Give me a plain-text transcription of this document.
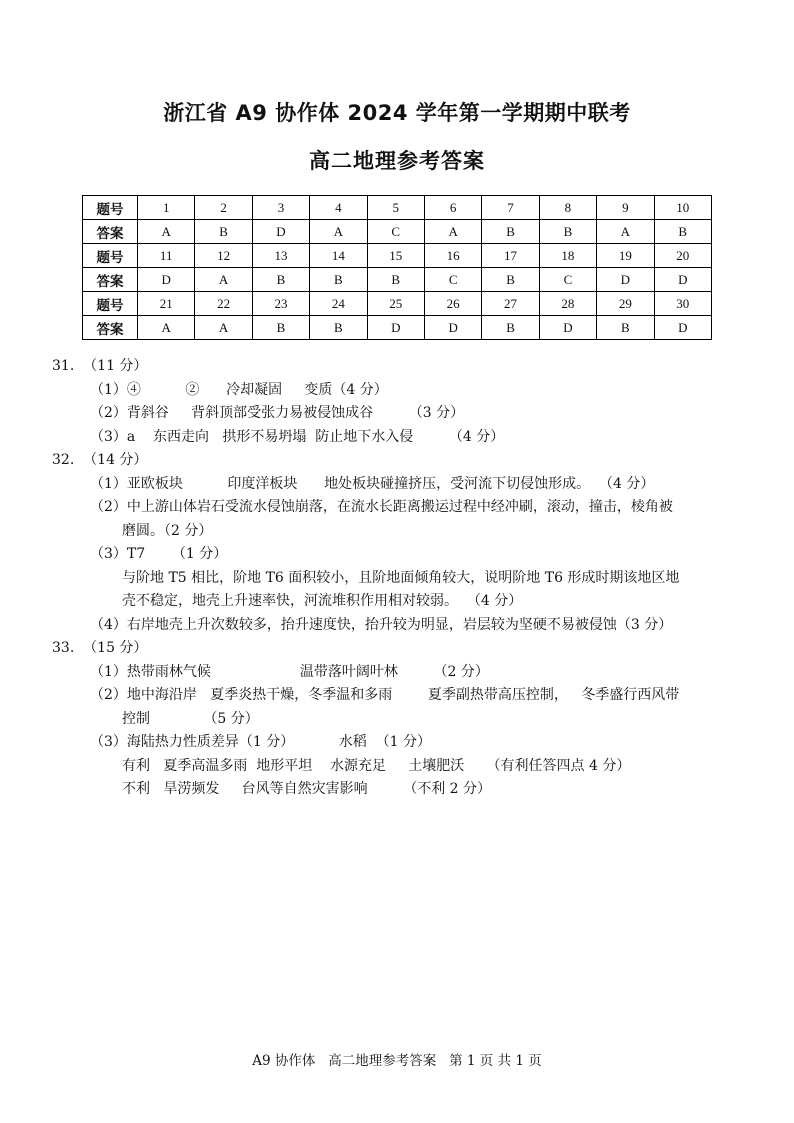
浙江省 A9 协作体 2024 学年第一学期期中联考
高二地理参考答案
题号	1	2	3	4	5	6	7	8	9	10
答案	A	B	D	A	C	A	B	B	A	B
题号	11	12	13	14	15	16	17	18	19	20
答案	D	A	B	B	B	C	B	C	D	D
题号	21	22	23	24	25	26	27	28	29	30
答案	A	A	B	B	D	D	B	D	B	D

31.  （11 分）

（1）④          ②      冷却凝固     变质（4 分）

（2）背斜谷     背斜顶部受张力易被侵蚀成谷        （3 分）

（3）a    东西走向   拱形不易坍塌  防止地下水入侵        （4 分）

32.  （14 分）

（1）亚欧板块          印度洋板块      地处板块碰撞挤压，受河流下切侵蚀形成。  （4 分）

（2）中上游山体岩石受流水侵蚀崩落，在流水长距离搬运过程中经冲刷，滚动，撞击，棱角被

磨圆。（2 分）

（3）T7      （1 分）

与阶地 T5 相比，阶地 T6 面积较小，且阶地面倾角较大，说明阶地 T6 形成时期该地区地

壳不稳定，地壳上升速率快，河流堆积作用相对较弱。  （4 分）

（4）右岸地壳上升次数较多，抬升速度快，抬升较为明显，岩层较为坚硬不易被侵蚀（3 分）

33.  （15 分）

（1）热带雨林气候                    温带落叶阔叶林        （2 分）

（2）地中海沿岸   夏季炎热干燥，冬季温和多雨        夏季副热带高压控制，   冬季盛行西风带

控制            （5 分）

（3）海陆热力性质差异（1 分）          水稻  （1 分）

有利   夏季高温多雨  地形平坦    水源充足     土壤肥沃     （有利任答四点 4 分）

不利   旱涝频发     台风等自然灾害影响        （不利 2 分）

A9 协作体   高二地理参考答案   第 1 页 共 1 页
